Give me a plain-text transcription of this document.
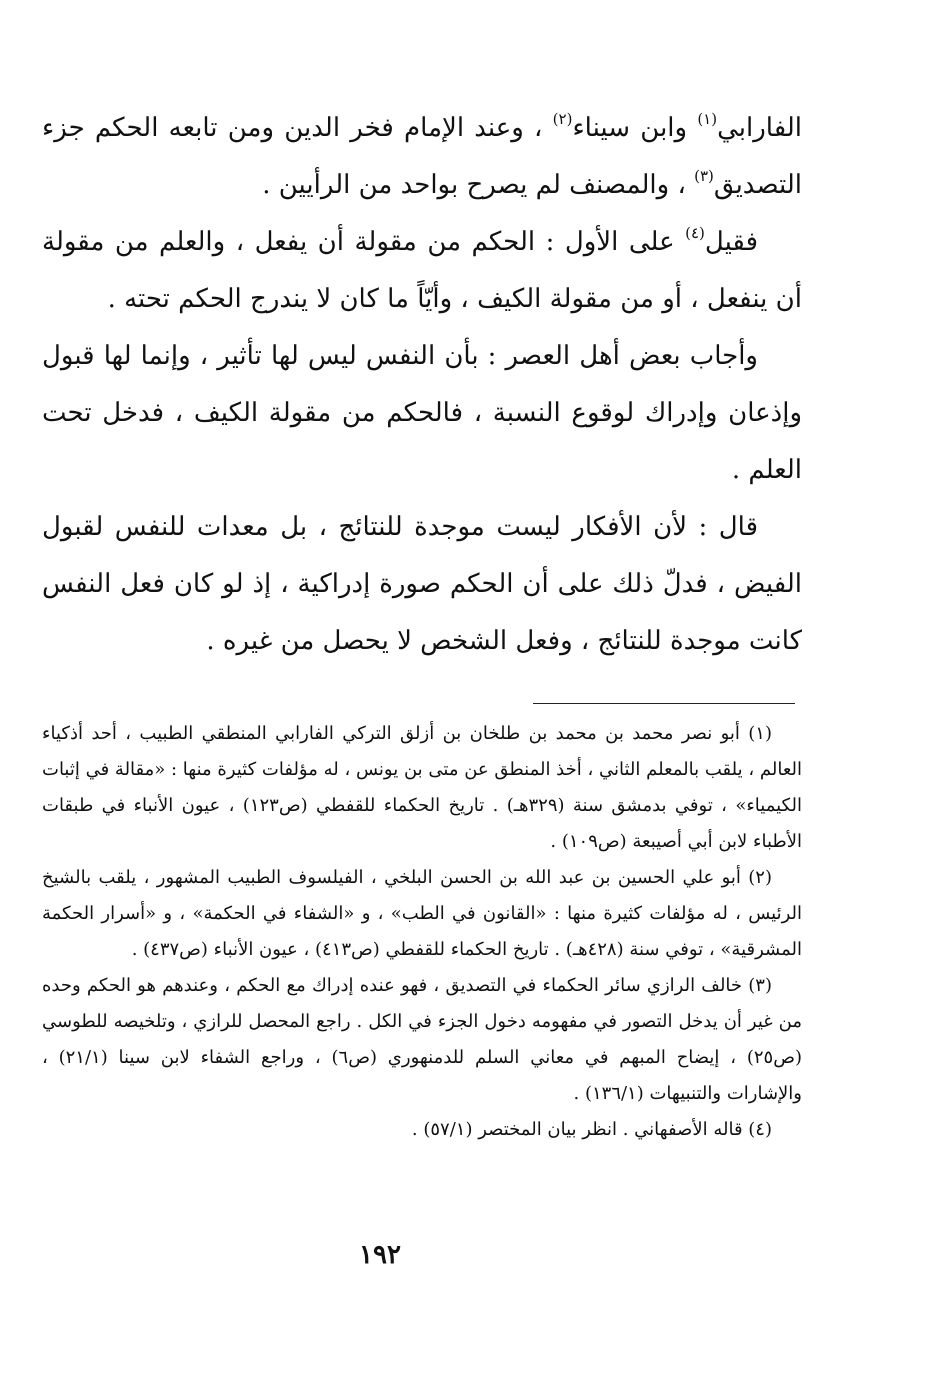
الفارابي$^{(١)}$ وابن سيناء$^{(٢)}$ ، وعند الإمام فخر الدين ومن تابعه الحكم جزء التصديق$^{(٣)}$ ، والمصنف لم يصرح بواحد من الرأيين .

فقيل$^{(٤)}$ على الأول : الحكم من مقولة أن يفعل ، والعلم من مقولة أن ينفعل ، أو من مقولة الكيف ، وأيّاً ما كان لا يندرج الحكم تحته .

وأجاب بعض أهل العصر : بأن النفس ليس لها تأثير ، وإنما لها قبول وإذعان وإدراك لوقوع النسبة ، فالحكم من مقولة الكيف ، فدخل تحت العلم .

قال : لأن الأفكار ليست موجدة للنتائج ، بل معدات للنفس لقبول الفيض ، فدلّ ذلك على أن الحكم صورة إدراكية ، إذ لو كان فعل النفس كانت موجدة للنتائج ، وفعل الشخص لا يحصل من غيره .

(١) أبو نصر محمد بن محمد بن طلخان بن أزلق التركي الفارابي المنطقي الطبيب ، أحد أذكياء العالم ، يلقب بالمعلم الثاني ، أخذ المنطق عن متى بن يونس ، له مؤلفات كثيرة منها : «مقالة في إثبات الكيمياء» ، توفي بدمشق سنة (٣٢٩هـ) . تاريخ الحكماء للقفطي (ص١٢٣) ، عيون الأنباء في طبقات الأطباء لابن أبي أصيبعة (ص١٠٩) .

(٢) أبو علي الحسين بن عبد الله بن الحسن البلخي ، الفيلسوف الطبيب المشهور ، يلقب بالشيخ الرئيس ، له مؤلفات كثيرة منها : «القانون في الطب» ، و «الشفاء في الحكمة» ، و «أسرار الحكمة المشرقية» ، توفي سنة (٤٢٨هـ) . تاريخ الحكماء للقفطي (ص٤١٣) ، عيون الأنباء (ص٤٣٧) .

(٣) خالف الرازي سائر الحكماء في التصديق ، فهو عنده إدراك مع الحكم ، وعندهم هو الحكم وحده من غير أن يدخل التصور في مفهومه دخول الجزء في الكل . راجع المحصل للرازي ، وتلخيصه للطوسي (ص٢٥) ، إيضاح المبهم في معاني السلم للدمنهوري (ص٦) ، وراجع الشفاء لابن سينا (٢١/١) ، والإشارات والتنبيهات (١٣٦/١) .

(٤) قاله الأصفهاني . انظر بيان المختصر (٥٧/١) .

١٩٢
